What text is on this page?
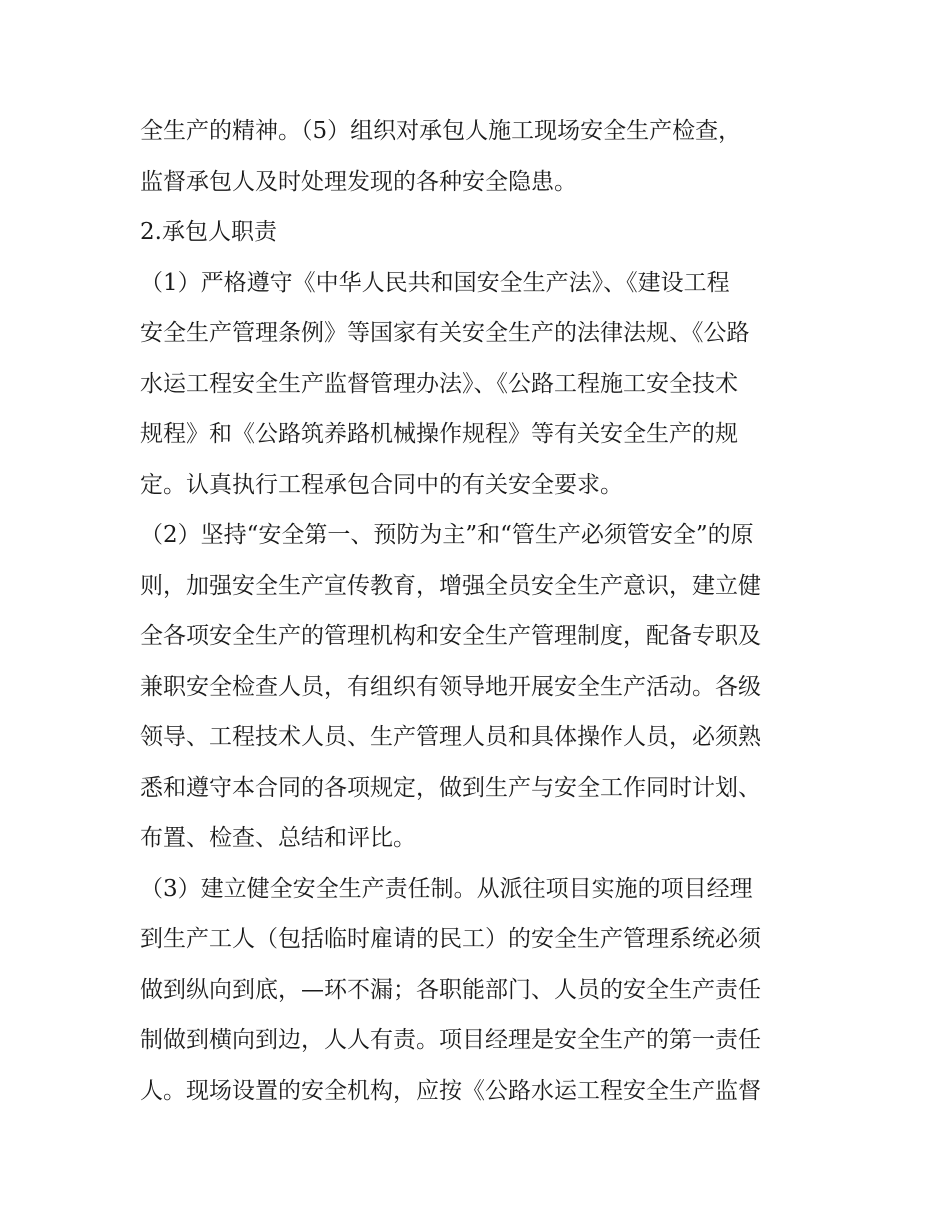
全生产的精神。（5）组织对承包人施工现场安全生产检查，
监督承包人及时处理发现的各种安全隐患。
2.承包人职责
（1）严格遵守《中华人民共和国安全生产法》、《建设工程
安全生产管理条例》等国家有关安全生产的法律法规、《公路
水运工程安全生产监督管理办法》、《公路工程施工安全技术
规程》和《公路筑养路机械操作规程》等有关安全生产的规
定。认真执行工程承包合同中的有关安全要求。
（2）坚持“安全第一、预防为主”和“管生产必须管安全”的原
则，加强安全生产宣传教育，增强全员安全生产意识，建立健
全各项安全生产的管理机构和安全生产管理制度，配备专职及
兼职安全检查人员，有组织有领导地开展安全生产活动。各级
领导、工程技术人员、生产管理人员和具体操作人员，必须熟
悉和遵守本合同的各项规定，做到生产与安全工作同时计划、
布置、检查、总结和评比。
（3）建立健全安全生产责任制。从派往项目实施的项目经理
到生产工人（包括临时雇请的民工）的安全生产管理系统必须
做到纵向到底，—环不漏；各职能部门、人员的安全生产责任
制做到横向到边，人人有责。项目经理是安全生产的第一责任
人。现场设置的安全机构，应按《公路水运工程安全生产监督
